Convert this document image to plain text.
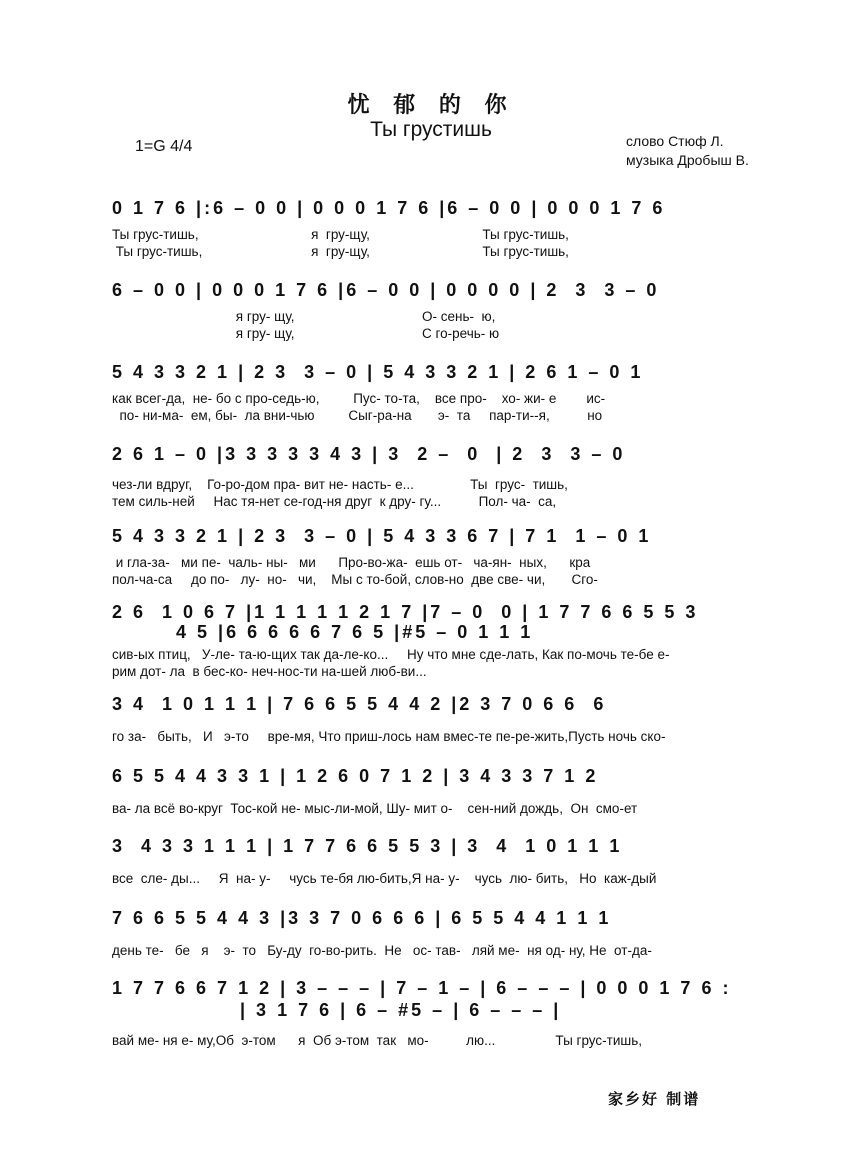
忧 郁 的 你
Ты грустишь
1=G 4/4	слово Стюф Л.
музыка Дробыш В.
0 1 7 6 |:6 – 0 0 | 0 0 0 1 7 6 |6 – 0 0 | 0 0 0 1 7 6
Ты грус-тишь,                              я  гру-щу,                              Ты грус-тишь,
Ты грус-тишь,                             я  гру-щу,                              Ты грус-тишь,
6 – 0 0 | 0 0 0 1 7 6 |6 – 0 0 | 0 0 0 0 | 2  3  3 – 0
я гру- щу,                                  О- сень-  ю,
я гру- щу,                                  С го-речь- ю
5 4 3 3 2 1 | 2 3  3 – 0 | 5 4 3 3 2 1 | 2 6 1 – 0 1
как всег-да,  не- бо с про-седь-ю,         Пус- то-та,    все про-    хо- жи- е        ис-
по- ни-ма-  ем, бы-  ла вни-чью         Сыг-ра-на       э-  та     пар-ти--я,          но
2 6 1 – 0 |3 3 3 3 3 4 3 | 3  2 –  0  | 2  3  3 – 0
чез-ли вдруг,    Го-ро-дом пра- вит не- насть- е...               Ты  грус-  тишь,
тем силь-ней     Нас тя-нет се-год-ня друг  к дру- гу...          Пол- ча-  са,
5 4 3 3 2 1 | 2 3  3 – 0 | 5 4 3 3 6 7 | 7 1  1 – 0 1
и гла-за-   ми пе-  чаль- ны-   ми      Про-во-жа-  ешь от-   ча-ян-  ных,      кра
пол-ча-са     до по-   лу-  но-   чи,    Мы с то-бой, слов-но  две све- чи,       Сго-
2 6  1 0 6 7 |1 1 1 1 1 2 1 7 |7 – 0  0 | 1 7 7 6 6 5 5 3
4 5 |6 6 6 6 6 7 6 5 |#5 – 0 1 1 1
сив-ых птиц,   У-ле- та-ю-щих так да-ле-ко...     Ну что мне сде-лать, Как по-мочь те-бе е-
рим дот- ла  в бес-ко- неч-нос-ти на-шей люб-ви...
3 4  1 0 1 1 1 | 7 6 6 5 5 4 4 2 |2 3 7 0 6 6  6
го за-   быть,   И   э-то     вре-мя, Что приш-лось нам вмес-те пе-ре-жить,Пусть ночь ско-
6 5 5 4 4 3 3 1 | 1 2 6 0 7 1 2 | 3 4 3 3 7 1 2
ва- ла всё во-круг  Тос-кой не- мыс-ли-мой, Шу- мит о-    сен-ний дождь,  Он  смо-ет
3  4 3 3 1 1 1 | 1 7 7 6 6 5 5 3 | 3  4  1 0 1 1 1
все  сле- ды...     Я  на- у-     чусь те-бя лю-бить,Я на- у-    чусь  лю- бить,   Но  каж-дый
7 6 6 5 5 4 4 3 |3 3 7 0 6 6 6 | 6 5 5 4 4 1 1 1
день те-   бе   я    э-  то   Бу-ду  го-во-рить.  Не   ос- тав-   ляй ме-  ня од- ну, Не  от-да-
1 7 7 6 6 7 1 2 | 3 – – – | 7 – 1 – | 6 – – – | 0 0 0 1 7 6 :
| 3 1 7 6 | 6 – #5 – | 6 – – – |
вай ме- ня е- му,Об  э-том      я  Об э-том  так   мо-          лю...                Ты грус-тишь,
家乡好 制谱
